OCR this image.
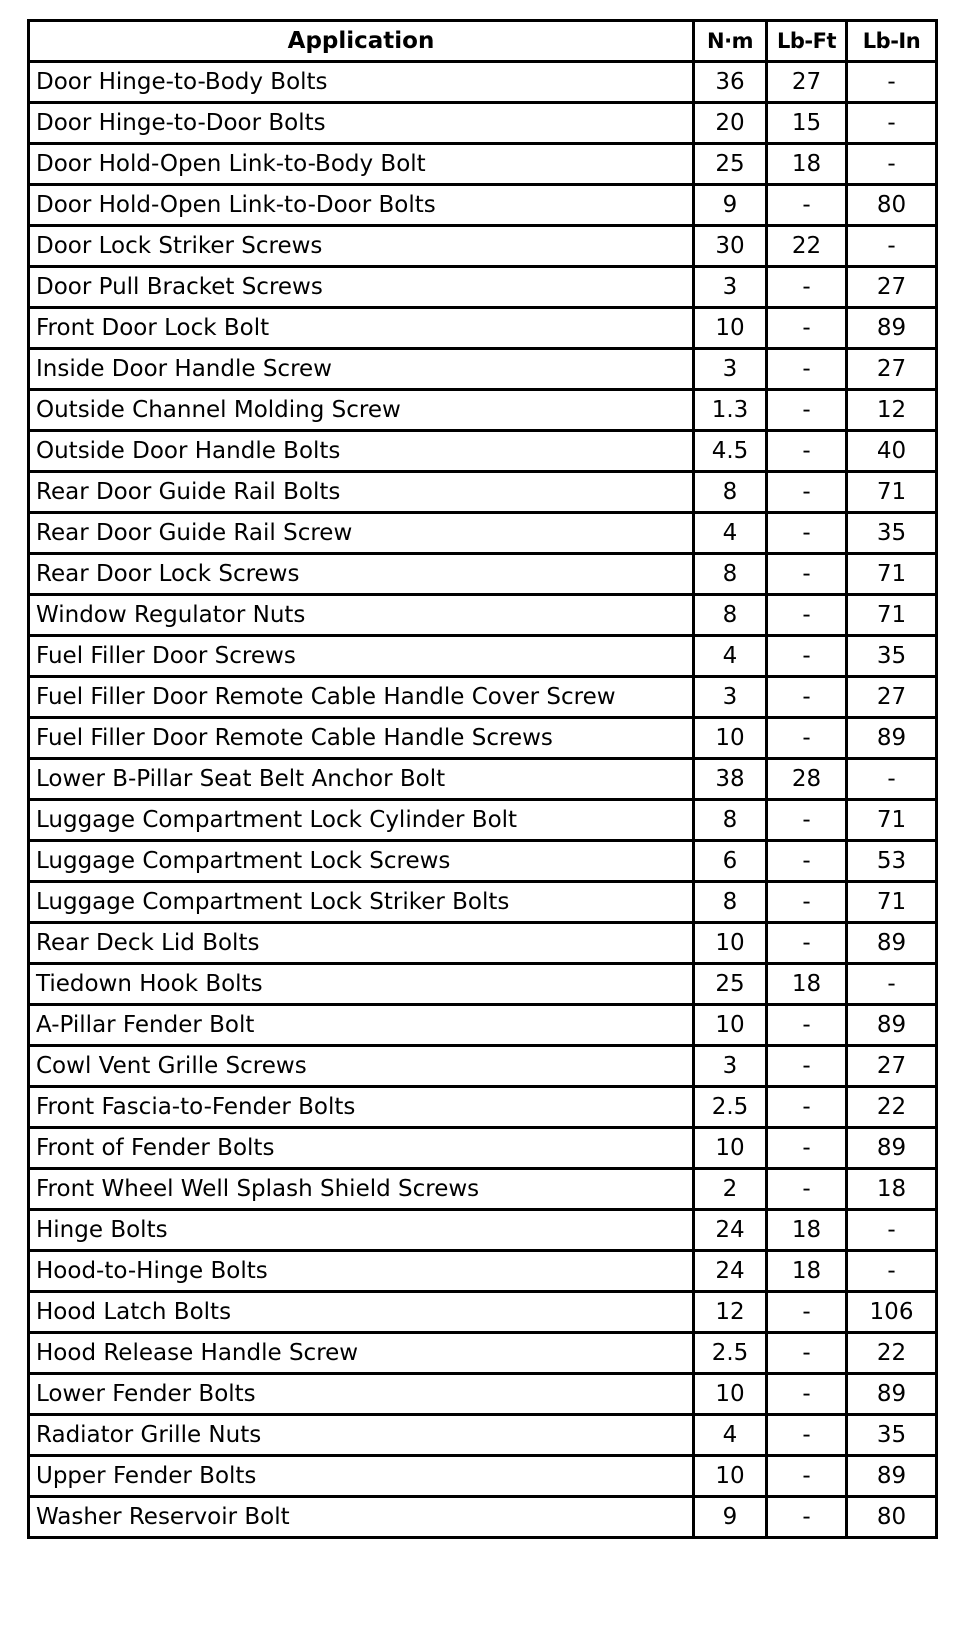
Application	N·m	Lb-Ft	Lb-In
Door Hinge-to-Body Bolts	36	27	-
Door Hinge-to-Door Bolts	20	15	-
Door Hold-Open Link-to-Body Bolt	25	18	-
Door Hold-Open Link-to-Door Bolts	9	-	80
Door Lock Striker Screws	30	22	-
Door Pull Bracket Screws	3	-	27
Front Door Lock Bolt	10	-	89
Inside Door Handle Screw	3	-	27
Outside Channel Molding Screw	1.3	-	12
Outside Door Handle Bolts	4.5	-	40
Rear Door Guide Rail Bolts	8	-	71
Rear Door Guide Rail Screw	4	-	35
Rear Door Lock Screws	8	-	71
Window Regulator Nuts	8	-	71
Fuel Filler Door Screws	4	-	35
Fuel Filler Door Remote Cable Handle Cover Screw	3	-	27
Fuel Filler Door Remote Cable Handle Screws	10	-	89
Lower B-Pillar Seat Belt Anchor Bolt	38	28	-
Luggage Compartment Lock Cylinder Bolt	8	-	71
Luggage Compartment Lock Screws	6	-	53
Luggage Compartment Lock Striker Bolts	8	-	71
Rear Deck Lid Bolts	10	-	89
Tiedown Hook Bolts	25	18	-
A-Pillar Fender Bolt	10	-	89
Cowl Vent Grille Screws	3	-	27
Front Fascia-to-Fender Bolts	2.5	-	22
Front of Fender Bolts	10	-	89
Front Wheel Well Splash Shield Screws	2	-	18
Hinge Bolts	24	18	-
Hood-to-Hinge Bolts	24	18	-
Hood Latch Bolts	12	-	106
Hood Release Handle Screw	2.5	-	22
Lower Fender Bolts	10	-	89
Radiator Grille Nuts	4	-	35
Upper Fender Bolts	10	-	89
Washer Reservoir Bolt	9	-	80
